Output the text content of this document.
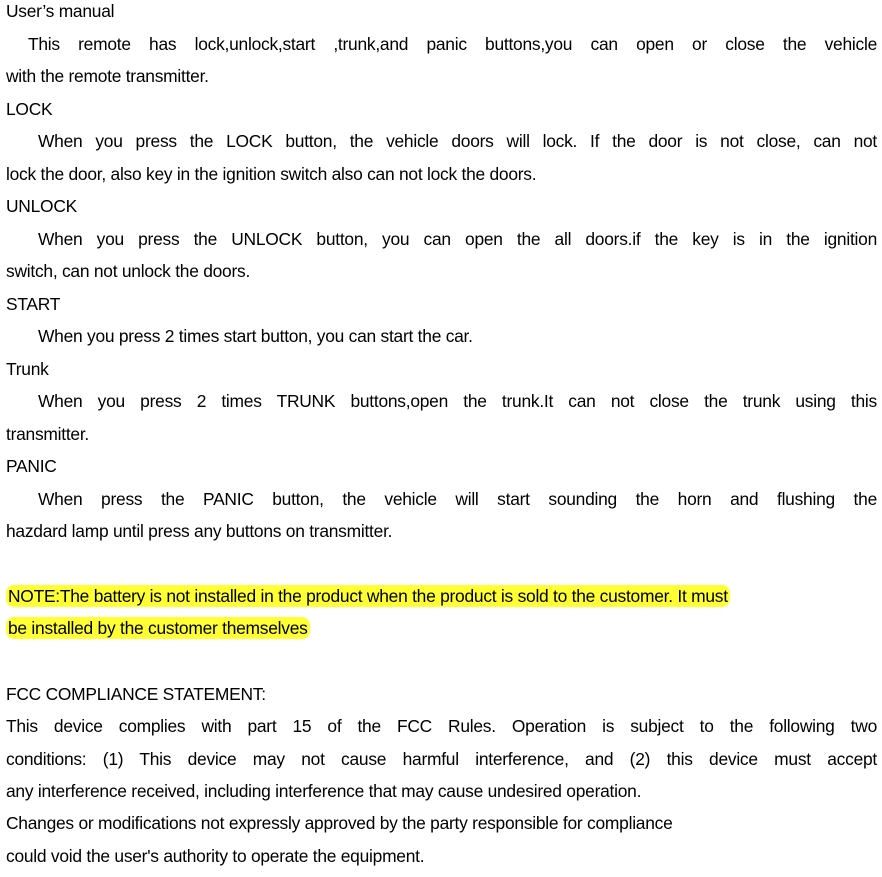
User’s manual
This remote has lock,unlock,start ,trunk,and panic buttons,you can open or close the vehicle
with the remote transmitter.
LOCK
When you press the LOCK button, the vehicle doors will lock. If the door is not close, can not
lock the door, also key in the ignition switch also can not lock the doors.
UNLOCK
When you press the UNLOCK button, you can open the all doors.if the key is in the ignition
switch, can not unlock the doors.
START
When you press 2 times start button, you can start the car.
Trunk
When you press 2 times TRUNK buttons,open the trunk.It can not close the trunk using this
transmitter.
PANIC
When press the PANIC button, the vehicle will start sounding the horn and flushing the
hazdard lamp until press any buttons on transmitter.
NOTE:The battery is not installed in the product when the product is sold to the customer. It must
be installed by the customer themselves
FCC COMPLIANCE STATEMENT:
This device complies with part 15 of the FCC Rules. Operation is subject to the following two
conditions: (1) This device may not cause harmful interference, and (2) this device must accept
any interference received, including interference that may cause undesired operation.
Changes or modifications not expressly approved by the party responsible for compliance
could void the user's authority to operate the equipment.
